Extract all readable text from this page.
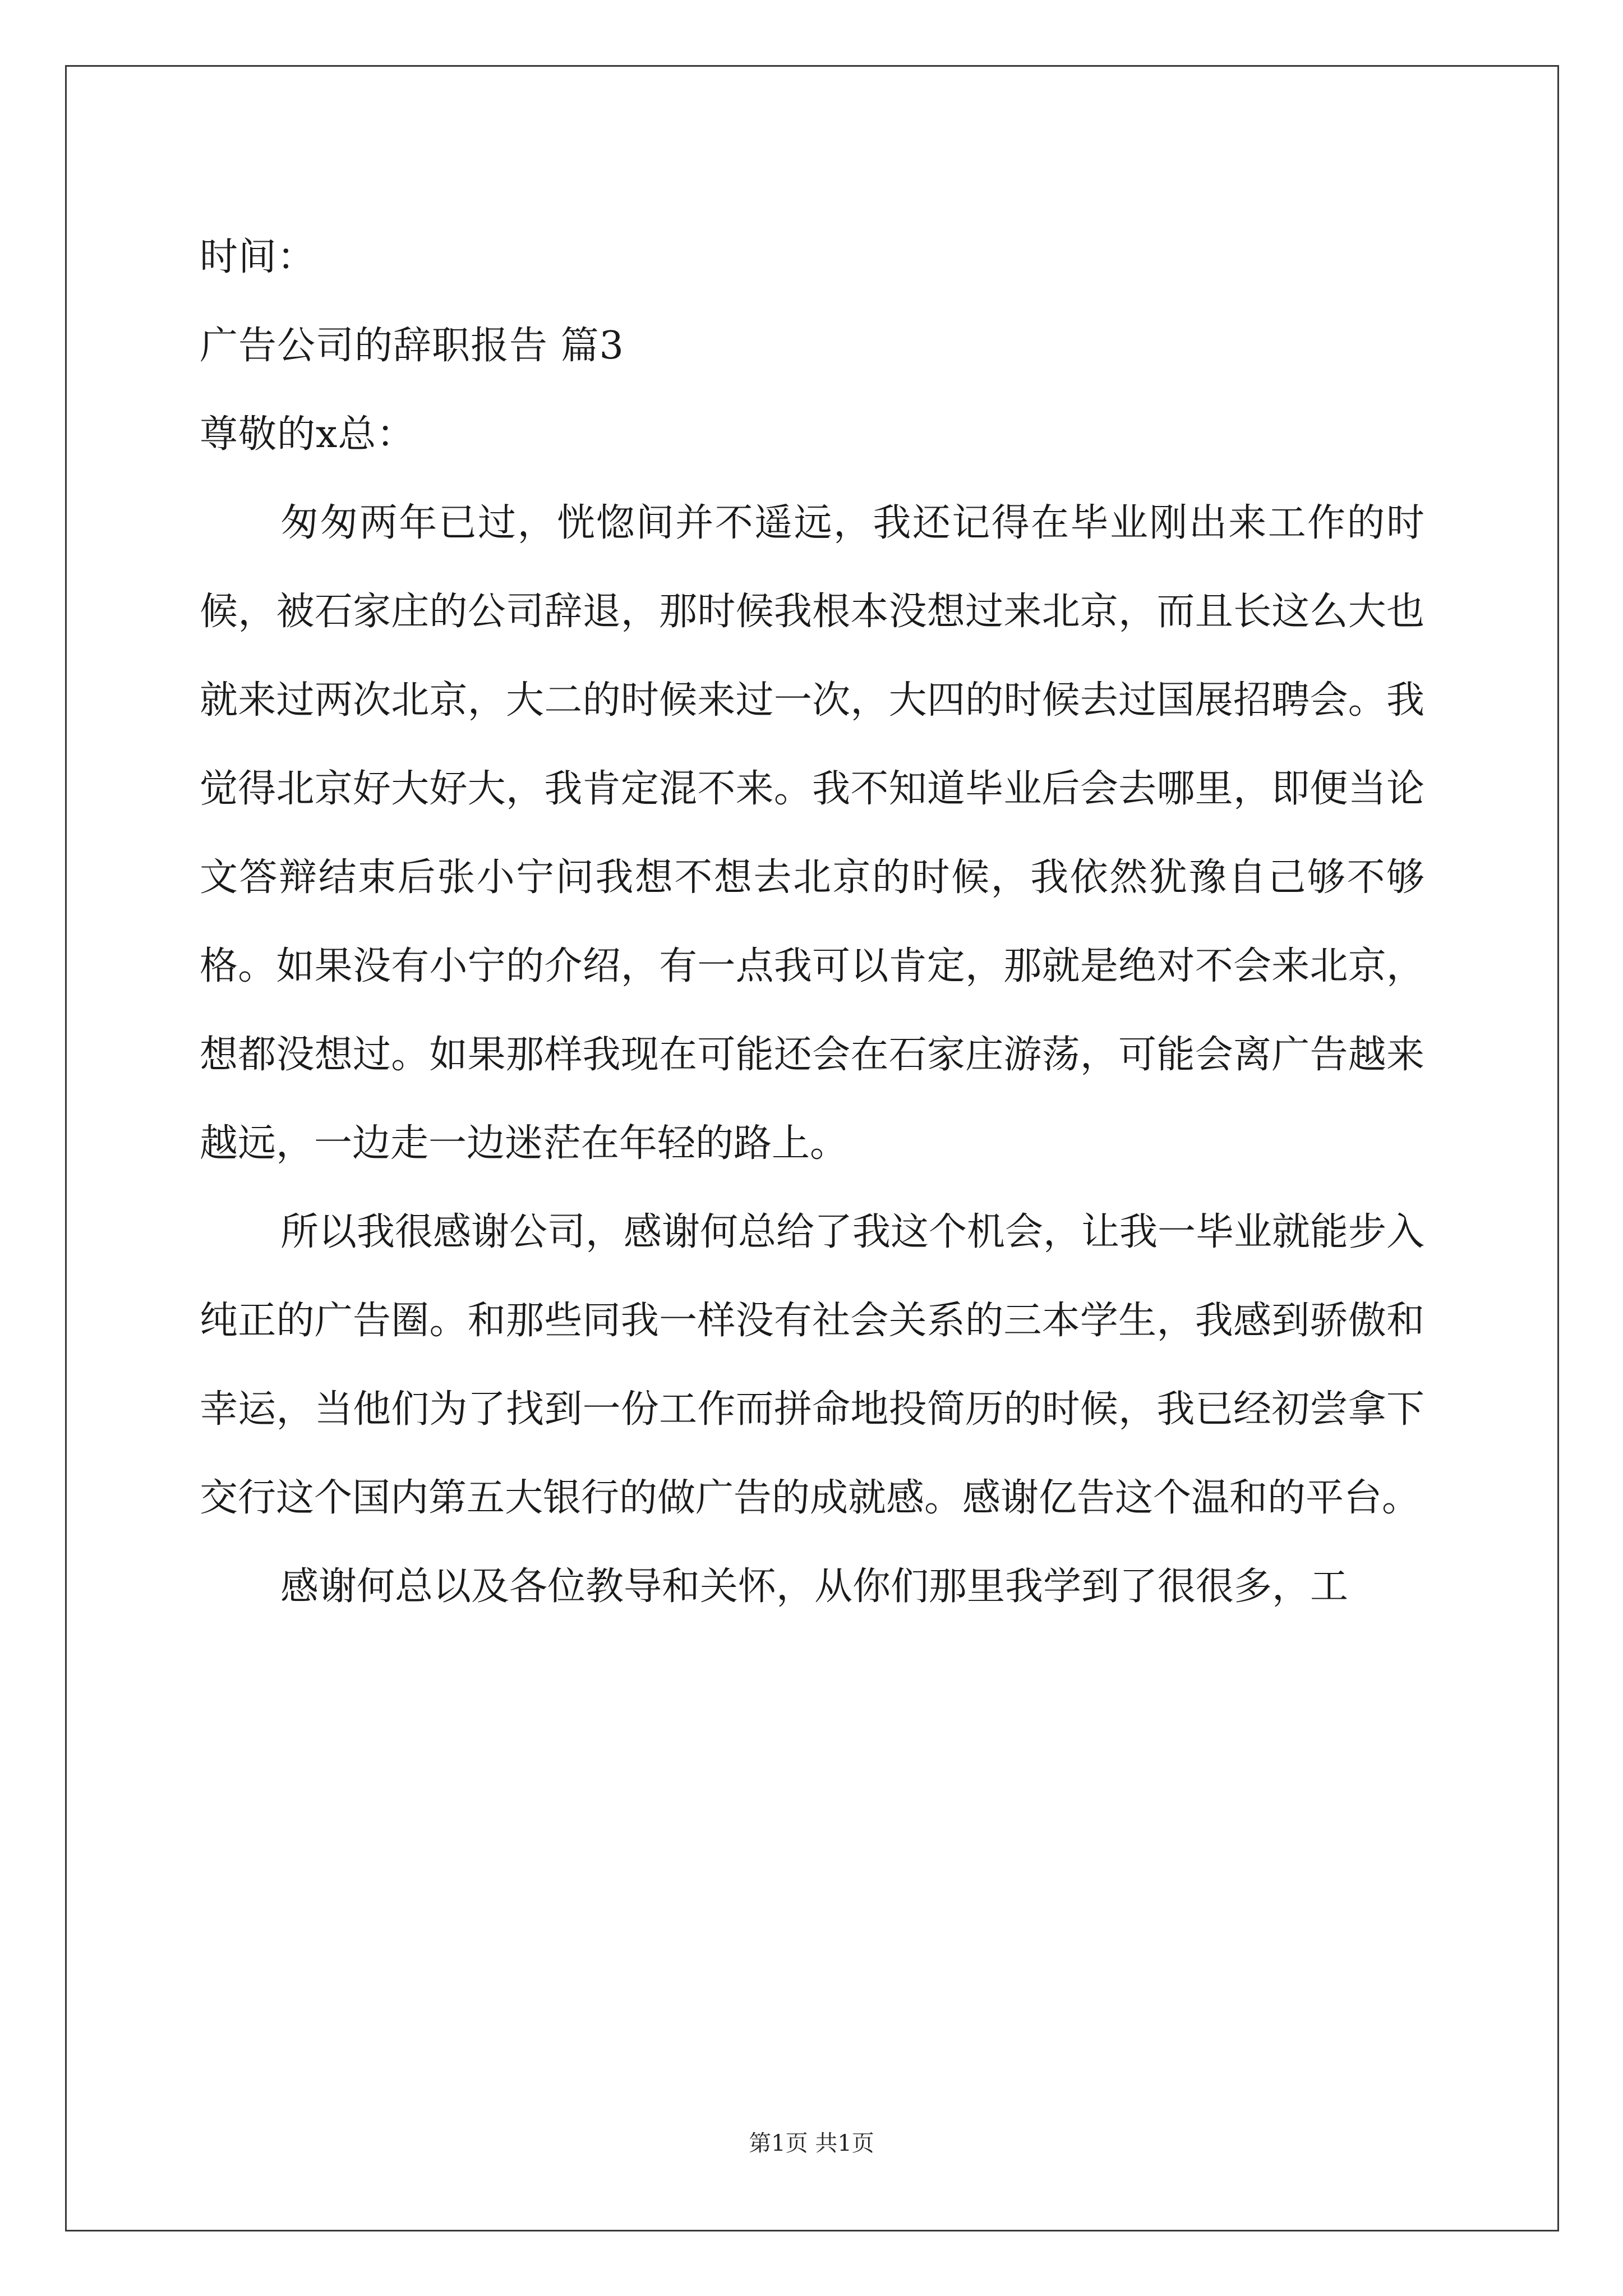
时间：
广告公司的辞职报告 篇3
尊敬的x总：

匆匆两年已过，恍惚间并不遥远，我还记得在毕业刚出来工作的时候，被石家庄的公司辞退，那时候我根本没想过来北京，而且长这么大也就来过两次北京，大二的时候来过一次，大四的时候去过国展招聘会。我觉得北京好大好大，我肯定混不来。我不知道毕业后会去哪里，即便当论文答辩结束后张小宁问我想不想去北京的时候，我依然犹豫自己够不够格。如果没有小宁的介绍，有一点我可以肯定，那就是绝对不会来北京，想都没想过。如果那样我现在可能还会在石家庄游荡，可能会离广告越来越远，一边走一边迷茫在年轻的路上。

所以我很感谢公司，感谢何总给了我这个机会，让我一毕业就能步入纯正的广告圈。和那些同我一样没有社会关系的三本学生，我感到骄傲和幸运，当他们为了找到一份工作而拼命地投简历的时候，我已经初尝拿下交行这个国内第五大银行的做广告的成就感。感谢亿告这个温和的平台。

感谢何总以及各位教导和关怀，从你们那里我学到了很很多，工

第1页 共1页
